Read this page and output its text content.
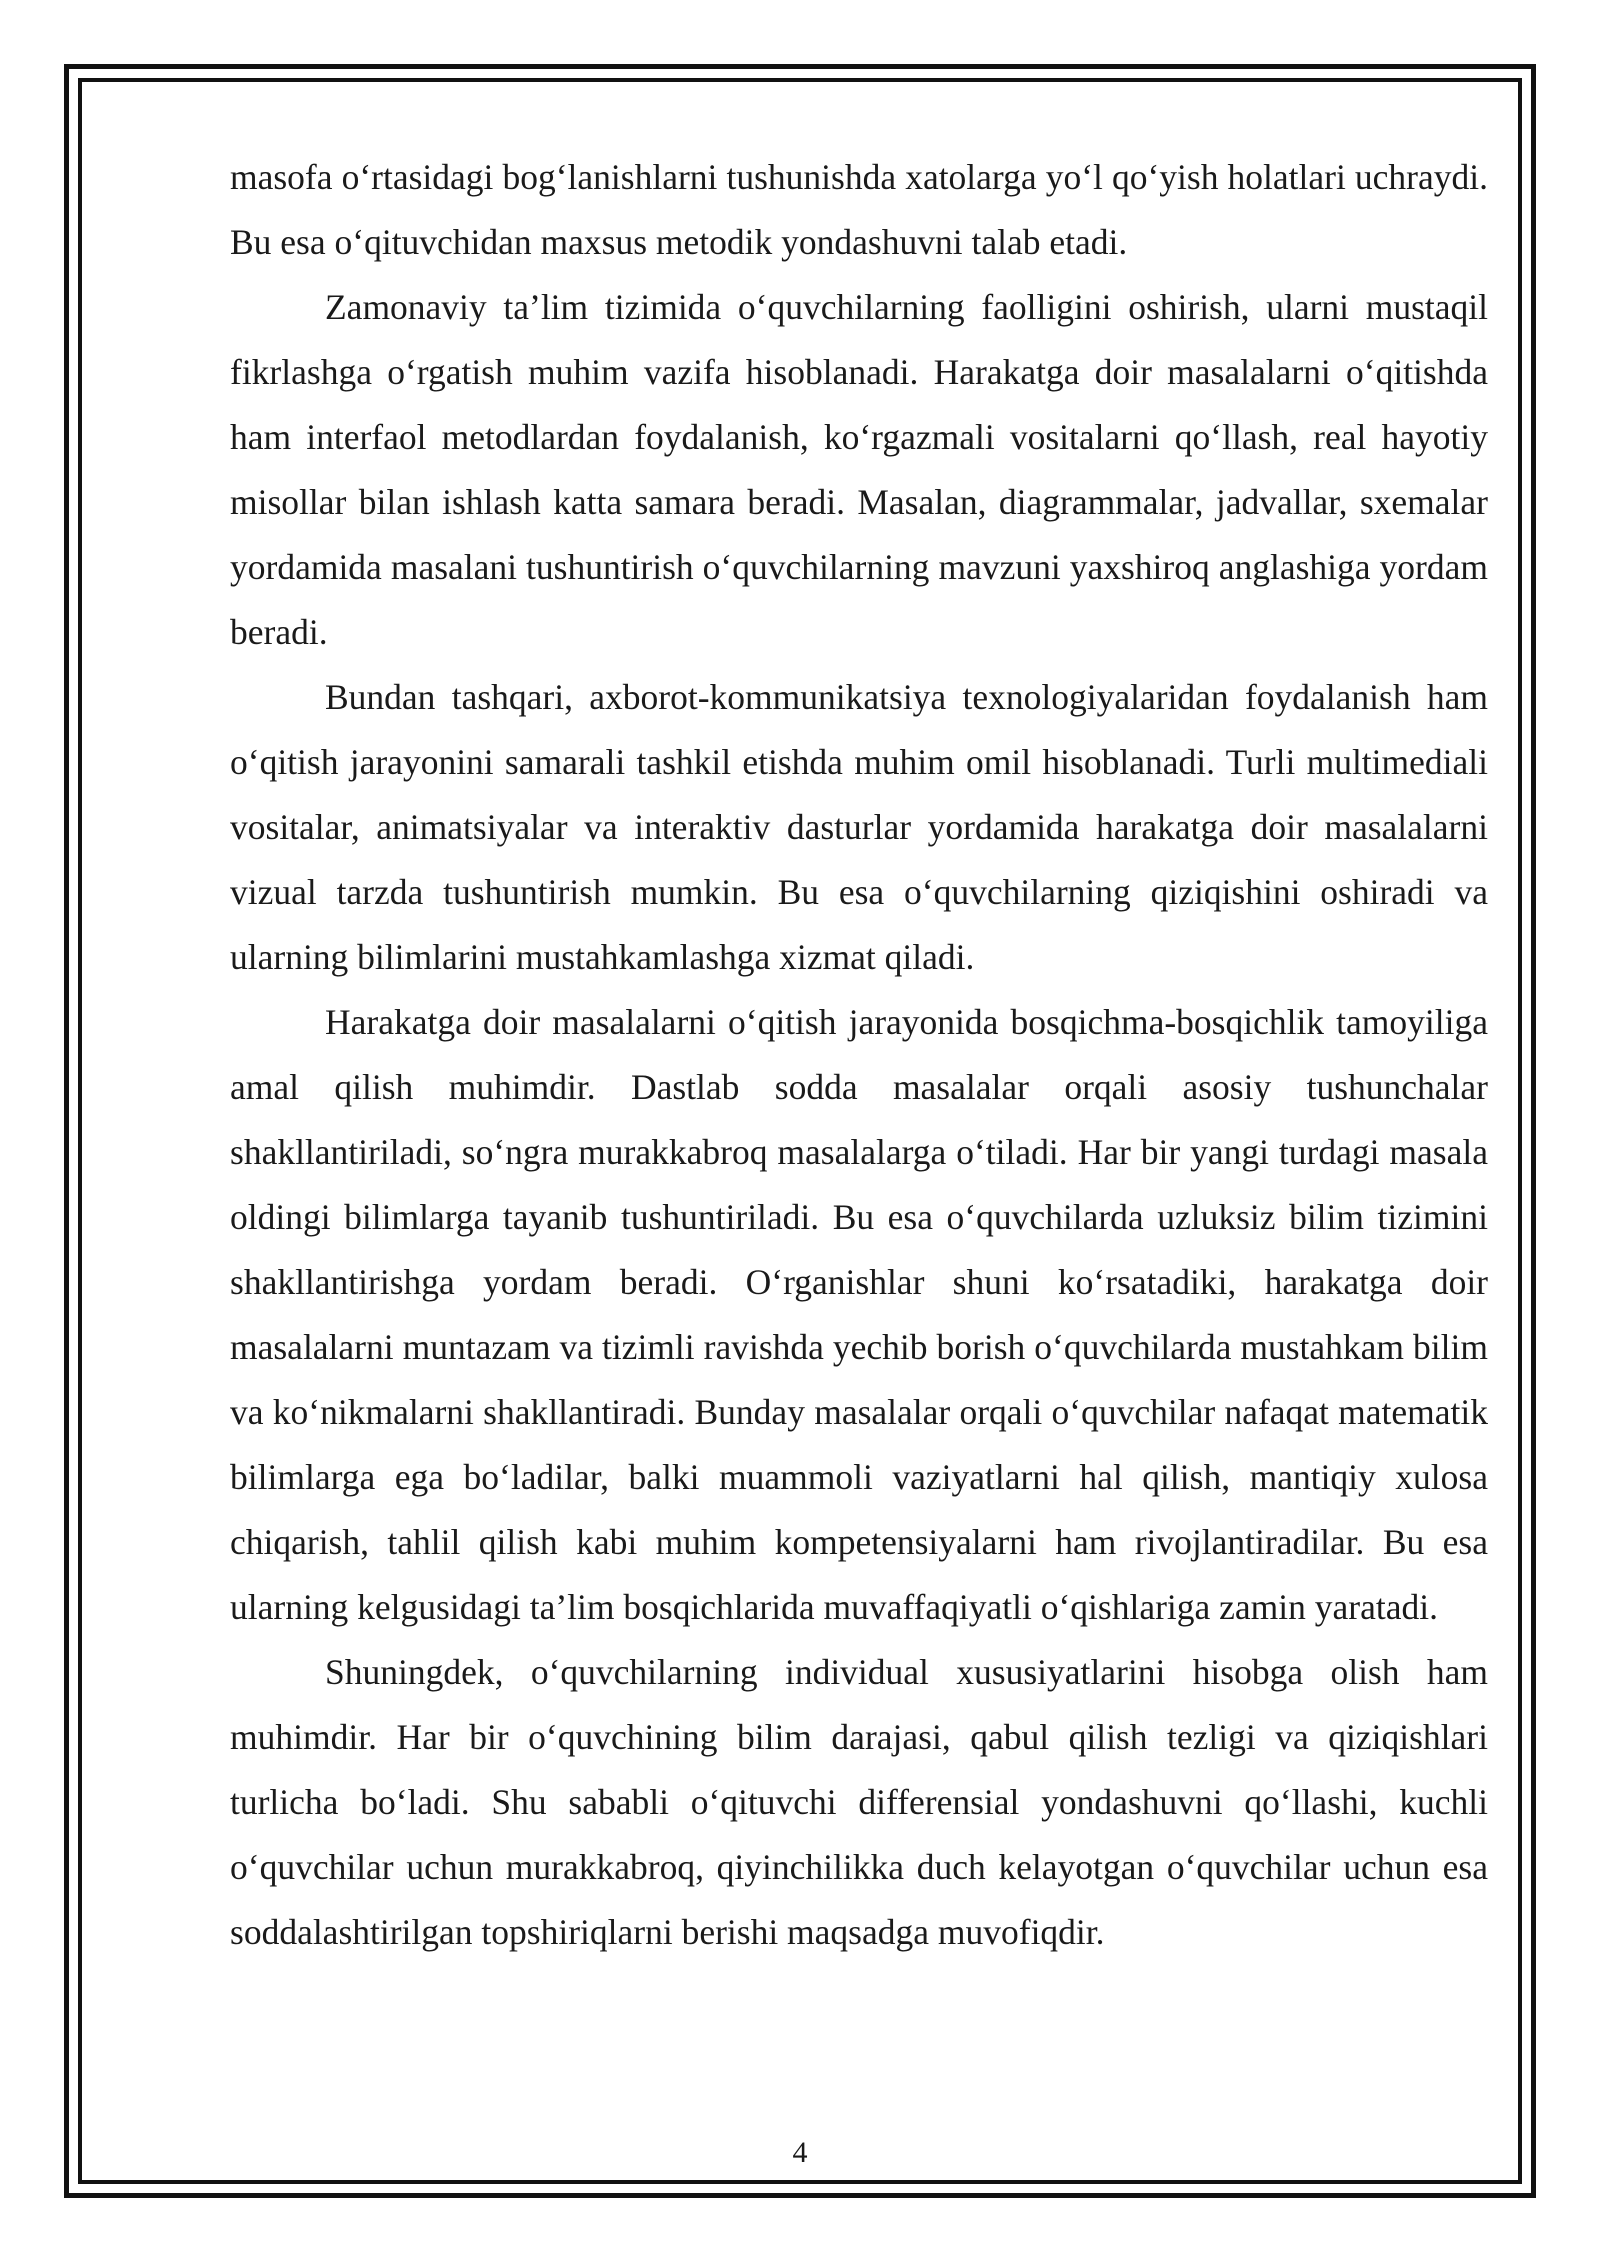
masofa o‘rtasidagi bog‘lanishlarni tushunishda xatolarga yo‘l qo‘yish holatlari uchraydi. Bu esa o‘qituvchidan maxsus metodik yondashuvni talab etadi.

Zamonaviy ta’lim tizimida o‘quvchilarning faolligini oshirish, ularni mustaqil fikrlashga o‘rgatish muhim vazifa hisoblanadi. Harakatga doir masalalarni o‘qitishda ham interfaol metodlardan foydalanish, ko‘rgazmali vositalarni qo‘llash, real hayotiy misollar bilan ishlash katta samara beradi. Masalan, diagrammalar, jadvallar, sxemalar yordamida masalani tushuntirish o‘quvchilarning mavzuni yaxshiroq anglashiga yordam beradi.

Bundan tashqari, axborot-kommunikatsiya texnologiyalaridan foydalanish ham o‘qitish jarayonini samarali tashkil etishda muhim omil hisoblanadi. Turli multimediali vositalar, animatsiyalar va interaktiv dasturlar yordamida harakatga doir masalalarni vizual tarzda tushuntirish mumkin. Bu esa o‘quvchilarning qiziqishini oshiradi va ularning bilimlarini mustahkamlashga xizmat qiladi.

Harakatga doir masalalarni o‘qitish jarayonida bosqichma-bosqichlik tamoyiliga amal qilish muhimdir. Dastlab sodda masalalar orqali asosiy tushunchalar shakllantiriladi, so‘ngra murakkabroq masalalarga o‘tiladi. Har bir yangi turdagi masala oldingi bilimlarga tayanib tushuntiriladi. Bu esa o‘quvchilarda uzluksiz bilim tizimini shakllantirishga yordam beradi. O‘rganishlar shuni ko‘rsatadiki, harakatga doir masalalarni muntazam va tizimli ravishda yechib borish o‘quvchilarda mustahkam bilim va ko‘nikmalarni shakllantiradi. Bunday masalalar orqali o‘quvchilar nafaqat matematik bilimlarga ega bo‘ladilar, balki muammoli vaziyatlarni hal qilish, mantiqiy xulosa chiqarish, tahlil qilish kabi muhim kompetensiyalarni ham rivojlantiradilar. Bu esa ularning kelgusidagi ta’lim bosqichlarida muvaffaqiyatli o‘qishlariga zamin yaratadi.

Shuningdek, o‘quvchilarning individual xususiyatlarini hisobga olish ham muhimdir. Har bir o‘quvchining bilim darajasi, qabul qilish tezligi va qiziqishlari turlicha bo‘ladi. Shu sababli o‘qituvchi differensial yondashuvni qo‘llashi, kuchli o‘quvchilar uchun murakkabroq, qiyinchilikka duch kelayotgan o‘quvchilar uchun esa soddalashtirilgan topshiriqlarni berishi maqsadga muvofiqdir.

4
